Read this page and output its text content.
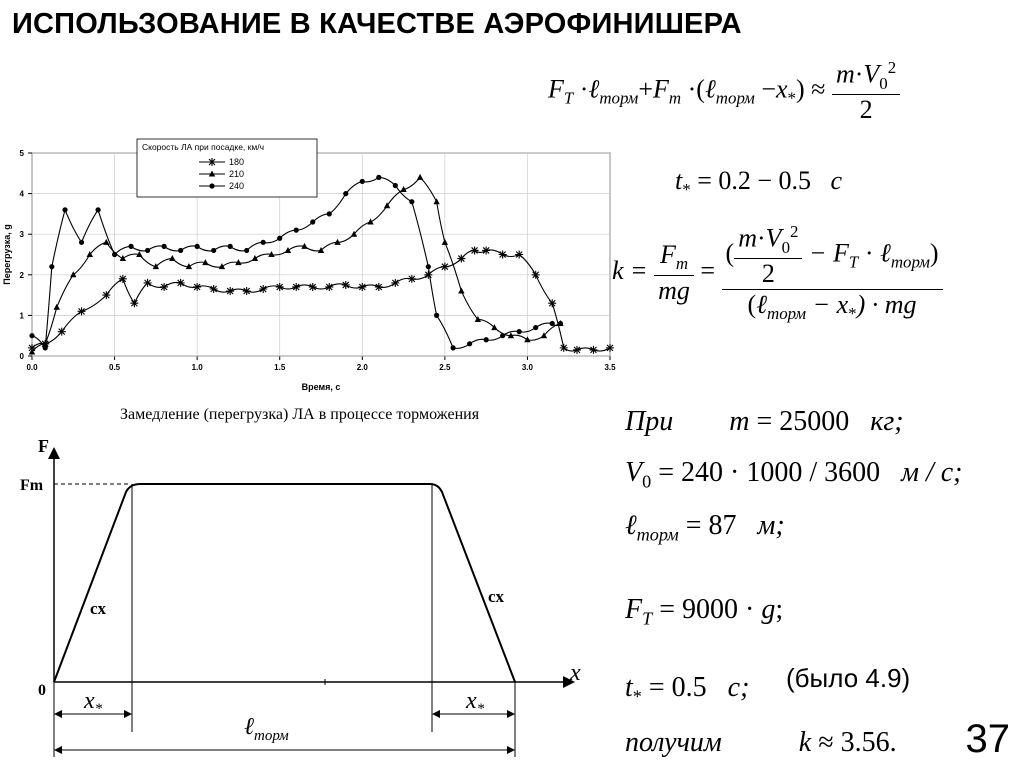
ИСПОЛЬЗОВАНИЕ В КАЧЕСТВЕ АЭРОФИНИШЕРА
$F_T$ $\cdot\ell_{торм}+F_m$ ·(ℓ$_{торм}$ $-x_*) \approx \frac{m\cdot V_0^2}{2}$
$t_* = 0.2 - 0.5$ с
$k = \frac{F_m}{mg} = \frac{( \frac{m\cdot V_0^2}{2} - F_T \cdot \ell_{торм})}{(\ell_{торм} - x_*) \cdot mg}$
При m = 25000 кг;
$V_0 = 240 \cdot 1000 / 3600$ м / с;
ℓ$_{торм}$ = 87 м;
$F_T = 9000 \cdot g$;
$t_* = 0.5$ с; (было 4.9)
получим	k ≈ 3.56. 37
0.0	0.5	1.0	1.5	2.0	2.5	3.0	3.5
0
1
2
3
4
5
Время, с
Перегрузка, g
Скорость ЛА при посадке, км/ч
180
210
240
Замедление (перегрузка) ЛА в процессе торможения
F
Fm
0
x
cx
cx
$x_*$	$x_*$
ℓ$_{торм}$
